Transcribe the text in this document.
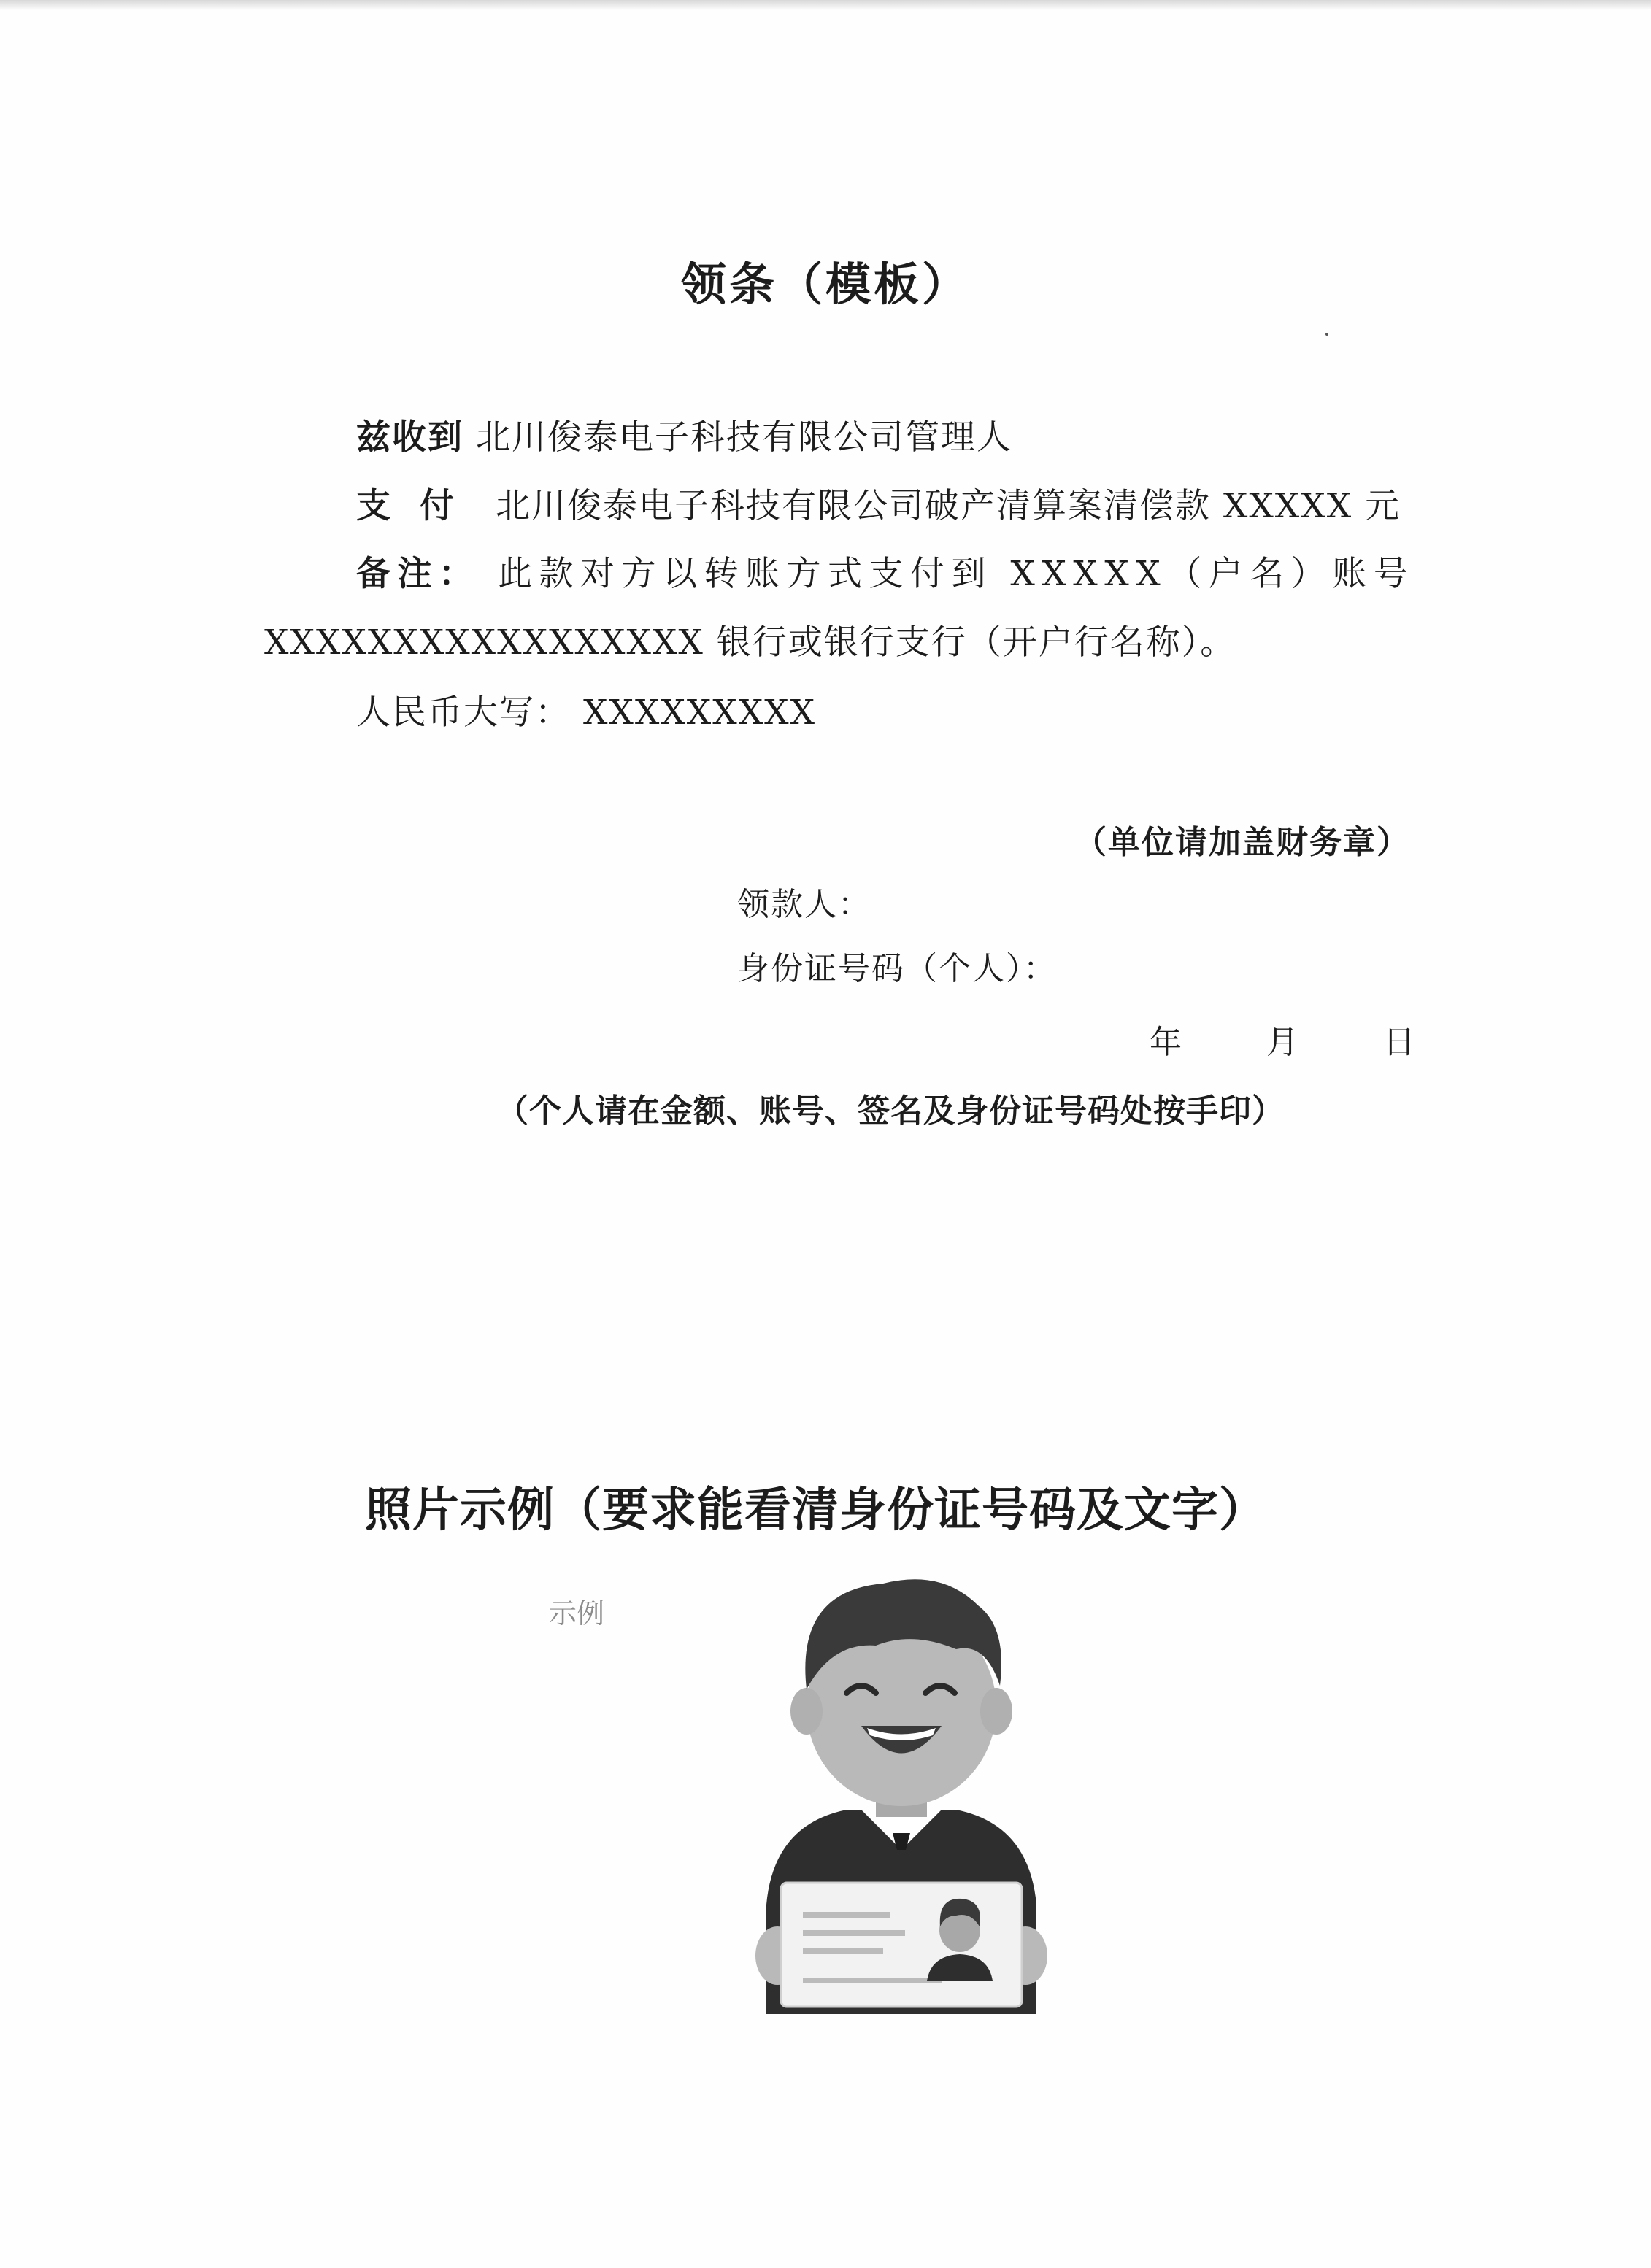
领条（模板）
兹收到 北川俊泰电子科技有限公司管理人
支付 北川俊泰电子科技有限公司破产清算案清偿款 XXXXX 元
备注： 此款对方以转账方式支付到 XXXXX（户名）账号
XXXXXXXXXXXXXXXXX 银行或银行支行（开户行名称）。
人民币大写： XXXXXXXXX
（单位请加盖财务章）
领款人：
身份证号码（个人）：
年	月	日
（个人请在金额、账号、签名及身份证号码处按手印）
照片示例（要求能看清身份证号码及文字）
示例
